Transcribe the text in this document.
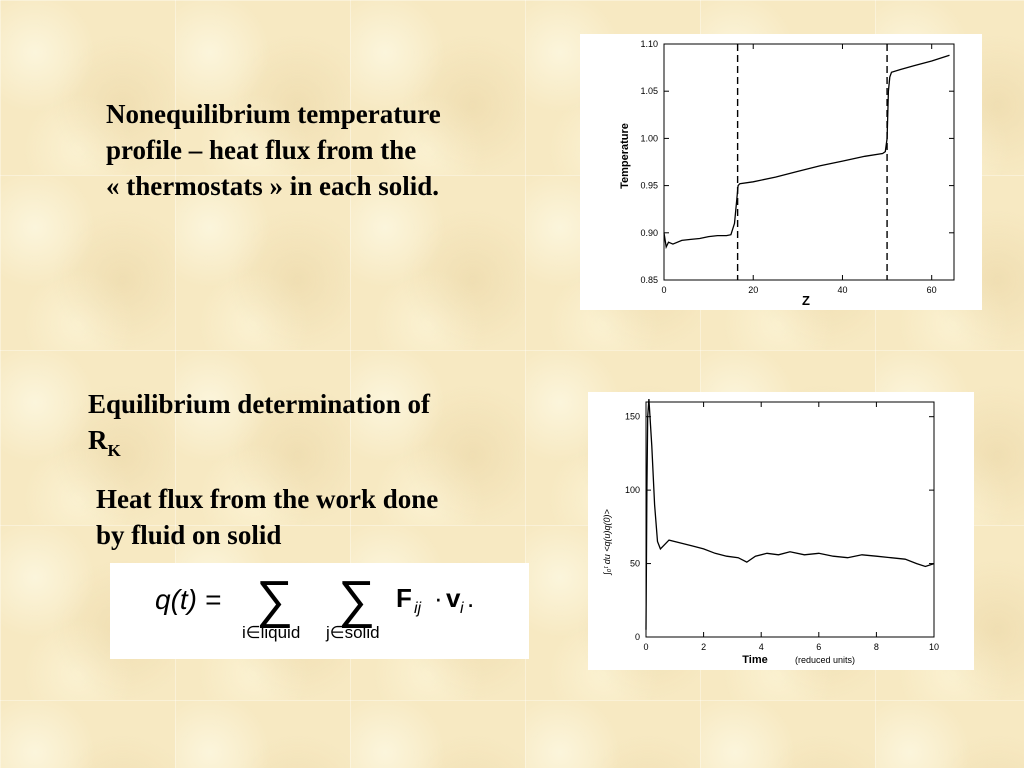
Nonequilibrium temperature
profile – heat flux from the
« thermostats » in each solid.
Equilibrium determination of
$R_K$
Heat flux from the work done
by fluid on solid
q(t) = ∑
i∈liquid
∑
j∈solid
F ij · v i .
0	20	40	60
0.85
0.90
0.95
1.00
1.05
1.10
Z
Temperature
0	2	4	6	8	10
0
50
100
150
Time	(reduced units)
∫₀ᵗ du <q(u)q(0)>
